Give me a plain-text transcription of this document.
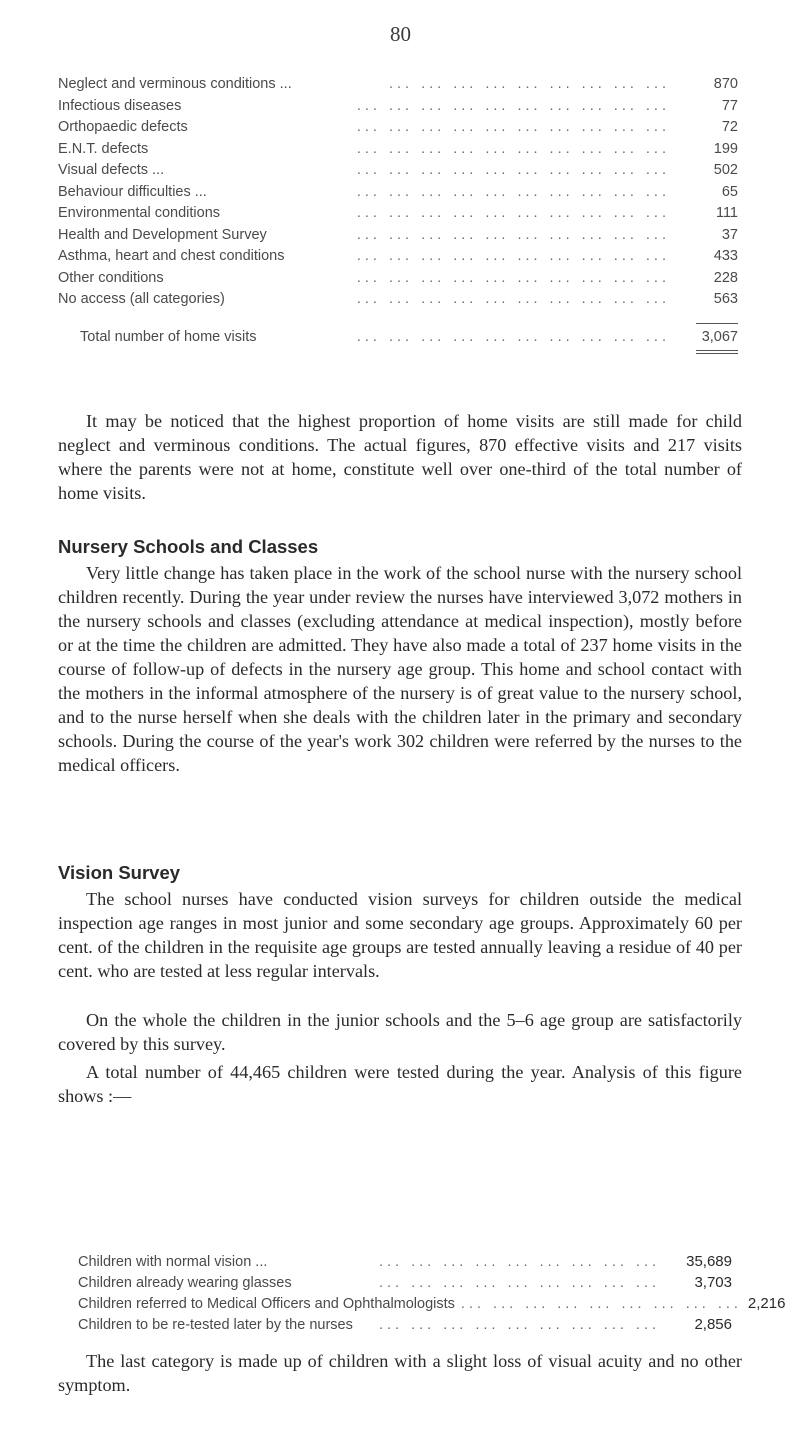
80
Neglect and verminous conditions ...	... ... ... ... ... ... ... ... ...	870
Infectious diseases	... ... ... ... ... ... ... ... ... ...	77
Orthopaedic defects	... ... ... ... ... ... ... ... ... ...	72
E.N.T. defects	... ... ... ... ... ... ... ... ... ...	199
Visual defects ...	... ... ... ... ... ... ... ... ... ...	502
Behaviour difficulties ...	... ... ... ... ... ... ... ... ... ...	65
Environmental conditions	... ... ... ... ... ... ... ... ... ...	111
Health and Development Survey	... ... ... ... ... ... ... ... ... ...	37
Asthma, heart and chest conditions	... ... ... ... ... ... ... ... ... ...	433
Other conditions	... ... ... ... ... ... ... ... ... ...	228
No access (all categories)	... ... ... ... ... ... ... ... ... ...	563
Total number of home visits	... ... ... ... ... ... ... ... ... ...	3,067

It may be noticed that the highest proportion of home visits are still made for child neglect and verminous conditions. The actual figures, 870 effective visits and 217 visits where the parents were not at home, constitute well over one-third of the total number of home visits.

Nursery Schools and Classes

Very little change has taken place in the work of the school nurse with the nursery school children recently. During the year under review the nurses have interviewed 3,072 mothers in the nursery schools and classes (excluding attendance at medical inspection), mostly before or at the time the children are admitted. They have also made a total of 237 home visits in the course of follow-up of defects in the nursery age group. This home and school contact with the mothers in the informal atmosphere of the nursery is of great value to the nursery school, and to the nurse herself when she deals with the children later in the primary and secondary schools. During the course of the year's work 302 children were referred by the nurses to the medical officers.

Vision Survey

The school nurses have conducted vision surveys for children outside the medical inspection age ranges in most junior and some secondary age groups. Approximately 60 per cent. of the children in the requisite age groups are tested annually leaving a residue of 40 per cent. who are tested at less regular intervals.

On the whole the children in the junior schools and the 5–6 age group are satisfactorily covered by this survey.

A total number of 44,465 children were tested during the year. Analysis of this figure shows :—

Children with normal vision ...	... ... ... ... ... ... ... ... ...	35,689
Children already wearing glasses	... ... ... ... ... ... ... ... ...	3,703
Children referred to Medical Officers and Ophthalmologists ... ... ... ... ... ... ... ... ... 2,216
Children to be re-tested later by the nurses	... ... ... ... ... ... ... ... ...	2,856

The last category is made up of children with a slight loss of visual acuity and no other symptom.
